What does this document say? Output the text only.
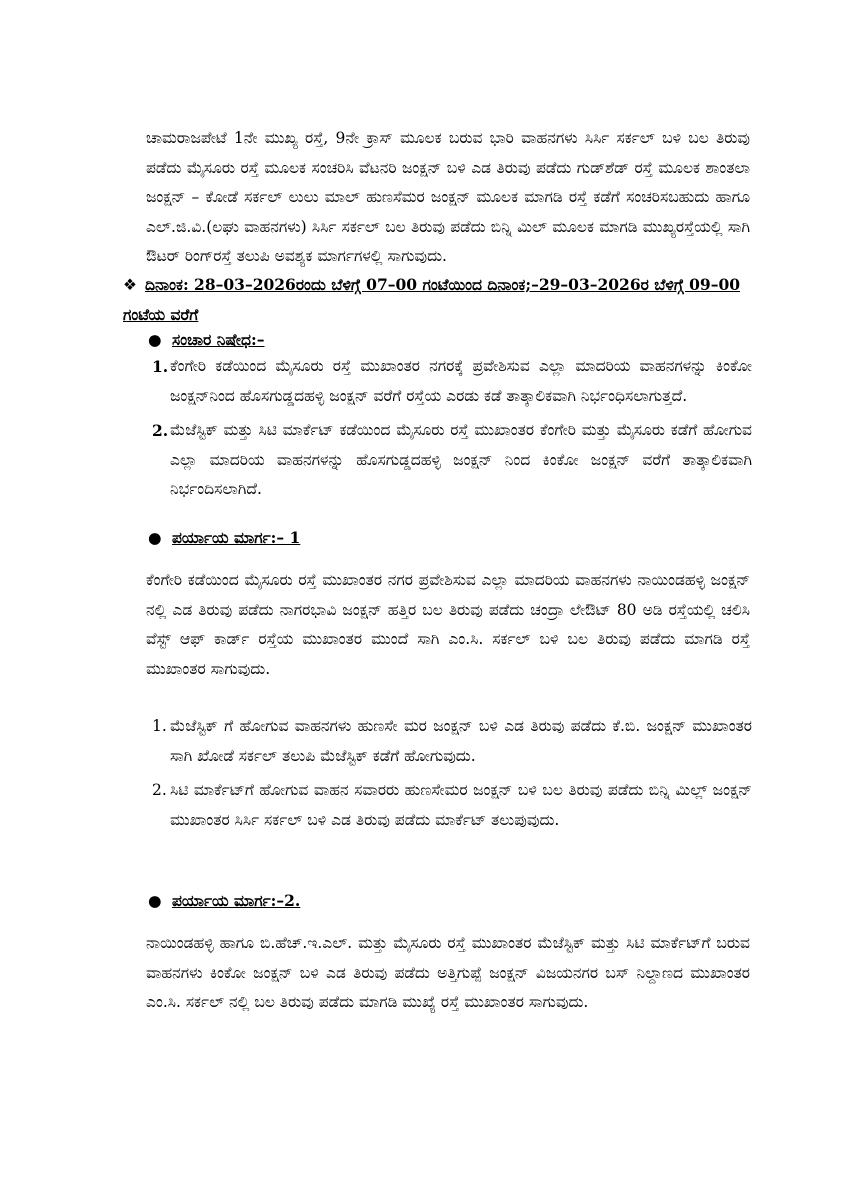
ಚಾಮರಾಜಪೇಟೆ 1ನೇ ಮುಖ್ಯ ರಸ್ತೆ, 9ನೇ ಕ್ರಾಸ್ ಮೂಲಕ ಬರುವ ಭಾರಿ ವಾಹನಗಳು ಸಿರ್ಸಿ ಸರ್ಕಲ್ ಬಳಿ ಬಲ ತಿರುವು ಪಡೆದು ಮೈಸೂರು ರಸ್ತೆ ಮೂಲಕ ಸಂಚರಿಸಿ ವೆಟನರಿ ಜಂಕ್ಷನ್ ಬಳಿ ಎಡ ತಿರುವು ಪಡೆದು ಗುಡ್‌ಶೆಡ್ ರಸ್ತೆ ಮೂಲಕ ಶಾಂತಲಾ ಜಂಕ್ಷನ್ – ಕೋಡೆ ಸರ್ಕಲ್ ಲುಲು ಮಾಲ್ ಹುಣಸೆಮರ ಜಂಕ್ಷನ್ ಮೂಲಕ ಮಾಗಡಿ ರಸ್ತೆ ಕಡೆಗೆ ಸಂಚರಿಸಬಹುದು ಹಾಗೂ ಎಲ್.ಜಿ.ವಿ.(ಲಘು ವಾಹನಗಳು) ಸಿರ್ಸಿ ಸರ್ಕಲ್ ಬಲ ತಿರುವು ಪಡೆದು ಬಿನ್ನಿ ಮಿಲ್ ಮೂಲಕ ಮಾಗಡಿ ಮುಖ್ಯರಸ್ತೆಯಲ್ಲಿ ಸಾಗಿ ಔಟರ್ ರಿಂಗ್‌ರಸ್ತೆ ತಲುಪಿ ಅವಶ್ಯಕ ಮಾರ್ಗಗಳಲ್ಲಿ ಸಾಗುವುದು.
❖ ದಿನಾಂಕ: 28–03–2026ರಂದು ಬೆಳಿಗ್ಗೆ 07–00 ಗಂಟೆಯಿಂದ ದಿನಾಂಕ;–29–03–2026ರ ಬೆಳಿಗ್ಗೆ 09–00 ಗಂಟೆಯ ವರೆಗೆ
● ಸಂಚಾರ ನಿಷೇಧ:–
1. ಕೆಂಗೇರಿ ಕಡೆಯಿಂದ ಮೈಸೂರು ರಸ್ತೆ ಮುಖಾಂತರ ನಗರಕ್ಕೆ ಪ್ರವೇಶಿಸುವ ಎಲ್ಲಾ ಮಾದರಿಯ ವಾಹನಗಳನ್ನು ಕಿಂಕೋ ಜಂಕ್ಷನ್‌ನಿಂದ ಹೊಸಗುಡ್ಡದಹಳ್ಳಿ ಜಂಕ್ಷನ್ ವರೆಗೆ ರಸ್ತೆಯ ಎರಡು ಕಡೆ ತಾತ್ಕಾಲಿಕವಾಗಿ ನಿರ್ಭಂಧಿಸಲಾಗುತ್ತದೆ.
2. ಮೆಜೆಸ್ಟಿಕ್ ಮತ್ತು ಸಿಟಿ ಮಾರ್ಕೆಟ್ ಕಡೆಯಿಂದ ಮೈಸೂರು ರಸ್ತೆ ಮುಖಾಂತರ ಕೆಂಗೇರಿ ಮತ್ತು ಮೈಸೂರು ಕಡೆಗೆ ಹೋಗುವ ಎಲ್ಲಾ ಮಾದರಿಯ ವಾಹನಗಳನ್ನು ಹೊಸಗುಡ್ಡದಹಳ್ಳಿ ಜಂಕ್ಷನ್ ನಿಂದ ಕಿಂಕೋ ಜಂಕ್ಷನ್ ವರೆಗೆ ತಾತ್ಕಾಲಿಕವಾಗಿ ನಿರ್ಭಂದಿಸಲಾಗಿದೆ.
● ಪರ್ಯಾಯ ಮಾರ್ಗ:– 1
ಕೆಂಗೇರಿ ಕಡೆಯಿಂದ ಮೈಸೂರು ರಸ್ತೆ ಮುಖಾಂತರ ನಗರ ಪ್ರವೇಶಿಸುವ ಎಲ್ಲಾ ಮಾದರಿಯ ವಾಹನಗಳು ನಾಯಿಂಡಹಳ್ಳಿ ಜಂಕ್ಷನ್ ನಲ್ಲಿ ಎಡ ತಿರುವು ಪಡೆದು ನಾಗರಭಾವಿ ಜಂಕ್ಷನ್ ಹತ್ತಿರ ಬಲ ತಿರುವು ಪಡೆದು ಚಂದ್ರಾ ಲೇಔಟ್ 80 ಅಡಿ ರಸ್ತೆಯಲ್ಲಿ ಚಲಿಸಿ ವೆಸ್ಟ್ ಆಫ್ ಕಾರ್ಡ್ ರಸ್ತೆಯ ಮುಖಾಂತರ ಮುಂದೆ ಸಾಗಿ ಎಂ.ಸಿ. ಸರ್ಕಲ್ ಬಳಿ ಬಲ ತಿರುವು ಪಡೆದು ಮಾಗಡಿ ರಸ್ತೆ ಮುಖಾಂತರ ಸಾಗುವುದು.
1. ಮೆಜೆಸ್ಟಿಕ್ ಗೆ ಹೋಗುವ ವಾಹನಗಳು ಹುಣಸೇ ಮರ ಜಂಕ್ಷನ್ ಬಳಿ ಎಡ ತಿರುವು ಪಡೆದು ಕೆ.ಬಿ. ಜಂಕ್ಷನ್ ಮುಖಾಂತರ ಸಾಗಿ ಖೋಡೆ ಸರ್ಕಲ್ ತಲುಪಿ ಮೆಜೆಸ್ಟಿಕ್ ಕಡೆಗೆ ಹೋಗುವುದು.
2. ಸಿಟಿ ಮಾರ್ಕೆಟ್‌ಗೆ ಹೋಗುವ ವಾಹನ ಸವಾರರು ಹುಣಸೇಮರ ಜಂಕ್ಷನ್ ಬಳಿ ಬಲ ತಿರುವು ಪಡೆದು ಬಿನ್ನಿ ಮಿಲ್ಲ್ ಜಂಕ್ಷನ್ ಮುಖಾಂತರ ಸಿರ್ಸಿ ಸರ್ಕಲ್ ಬಳಿ ಎಡ ತಿರುವು ಪಡೆದು ಮಾರ್ಕೆಟ್ ತಲುಪುವುದು.
● ಪರ್ಯಾಯ ಮಾರ್ಗ:–2.
ನಾಯಿಂಡಹಳ್ಳಿ ಹಾಗೂ ಬಿ.ಹೆಚ್.ಇ.ಎಲ್. ಮತ್ತು ಮೈಸೂರು ರಸ್ತೆ ಮುಖಾಂತರ ಮೆಜೆಸ್ಟಿಕ್ ಮತ್ತು ಸಿಟಿ ಮಾರ್ಕೆಟ್‌ಗೆ ಬರುವ ವಾಹನಗಳು ಕಿಂಕೋ ಜಂಕ್ಷನ್ ಬಳಿ ಎಡ ತಿರುವು ಪಡೆದು ಅತ್ತಿಗುಪ್ಪೆ ಜಂಕ್ಷನ್ ವಿಜಯನಗರ ಬಸ್ ನಿಲ್ದಾಣದ ಮುಖಾಂತರ ಎಂ.ಸಿ. ಸರ್ಕಲ್ ನಲ್ಲಿ ಬಲ ತಿರುವು ಪಡೆದು ಮಾಗಡಿ ಮುಖ್ಯೆ ರಸ್ತೆ ಮುಖಾಂತರ ಸಾಗುವುದು.
